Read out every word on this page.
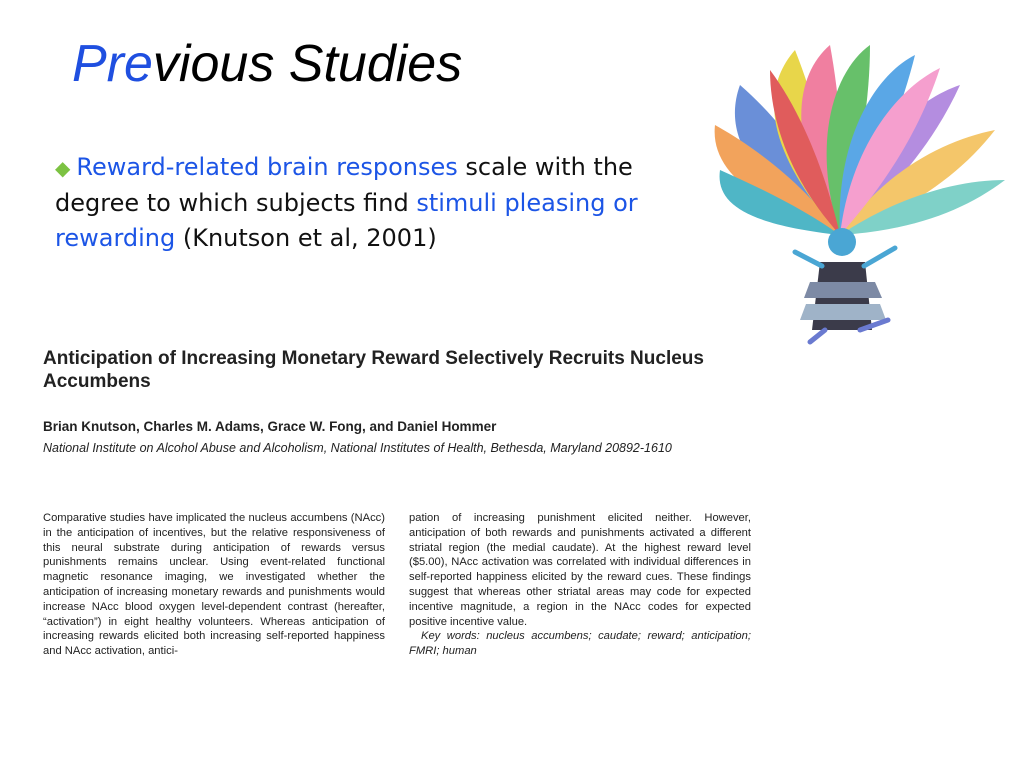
Previous Studies
◆ Reward-related brain responses scale with the degree to which subjects find stimuli pleasing or rewarding (Knutson et al, 2001)
Anticipation of Increasing Monetary Reward Selectively Recruits Nucleus Accumbens
Brian Knutson, Charles M. Adams, Grace W. Fong, and Daniel Hommer
National Institute on Alcohol Abuse and Alcoholism, National Institutes of Health, Bethesda, Maryland 20892-1610
Comparative studies have implicated the nucleus accumbens (NAcc) in the anticipation of incentives, but the relative responsiveness of this neural substrate during anticipation of rewards versus punishments remains unclear. Using event-related functional magnetic resonance imaging, we investigated whether the anticipation of increasing monetary rewards and punishments would increase NAcc blood oxygen level-dependent contrast (hereafter, “activation”) in eight healthy volunteers. Whereas anticipation of increasing rewards elicited both increasing self-reported happiness and NAcc activation, antici-
pation of increasing punishment elicited neither. However, anticipation of both rewards and punishments activated a different striatal region (the medial caudate). At the highest reward level ($5.00), NAcc activation was correlated with individual differences in self-reported happiness elicited by the reward cues. These findings suggest that whereas other striatal areas may code for expected incentive magnitude, a region in the NAcc codes for expected positive incentive value.
Key words: nucleus accumbens; caudate; reward; anticipation; FMRI; human
